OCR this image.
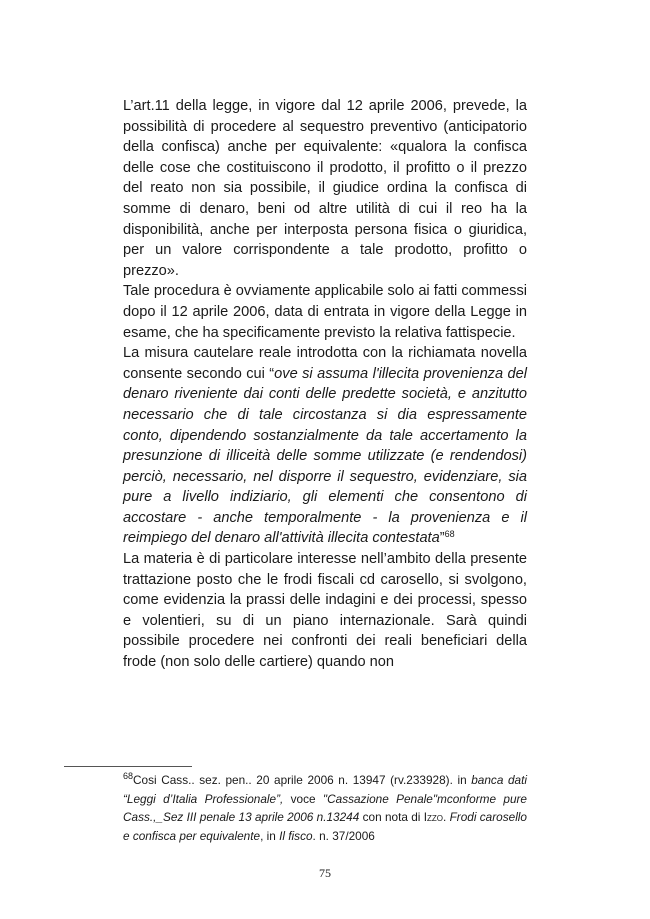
L’art.11 della legge, in vigore dal 12 aprile 2006, prevede, la possibilità di procedere al sequestro preventivo (anticipatorio della confisca) anche per equivalente: «qualora la confisca delle cose che costituiscono il prodotto, il profitto o il prezzo del reato non sia possibile, il giudice ordina la confisca di somme di denaro, beni od altre utilità di cui il reo ha la disponibilità, anche per interposta persona fisica o giuridica, per un valore corrispondente a tale prodotto, profitto o prezzo».

Tale procedura è ovviamente applicabile solo ai fatti commessi dopo il 12 aprile 2006, data di entrata in vigore della Legge in esame, che ha specificamente previsto la relativa fattispecie.

La misura cautelare reale introdotta con la richiamata novella consente secondo cui “ove si assuma l'illecita provenienza del denaro riveniente dai conti delle predette società, e anzitutto necessario che di tale circostanza si dia espressamente conto, dipendendo sostanzialmente da tale accertamento la presunzione di illiceità delle somme utilizzate (e rendendosi) perciò, necessario, nel disporre il sequestro, evidenziare, sia pure a livello indiziario, gli elementi che consentono di accostare - anche temporalmente - la provenienza e il reimpiego del denaro all'attività illecita contestata”$^{68}$

La materia è di particolare interesse nell’ambito della presente trattazione posto che le frodi fiscali cd carosello, si svolgono, come evidenzia la prassi delle indagini e dei processi, spesso e volentieri, su di un piano internazionale. Sarà quindi possibile procedere nei confronti dei reali beneficiari della frode (non solo delle cartiere) quando non

$^{68}$Cosi Cass.. sez. pen.. 20 aprile 2006 n. 13947 (rv.233928). in banca dati “Leggi d’Italia Professionale”, voce "Cassazione Penale"mconforme pure Cass.,_Sez III penale 13 aprile 2006 n.13244 con nota di Izzo. Frodi carosello e confisca per equivalente, in Il fisco. n. 37/2006
75
